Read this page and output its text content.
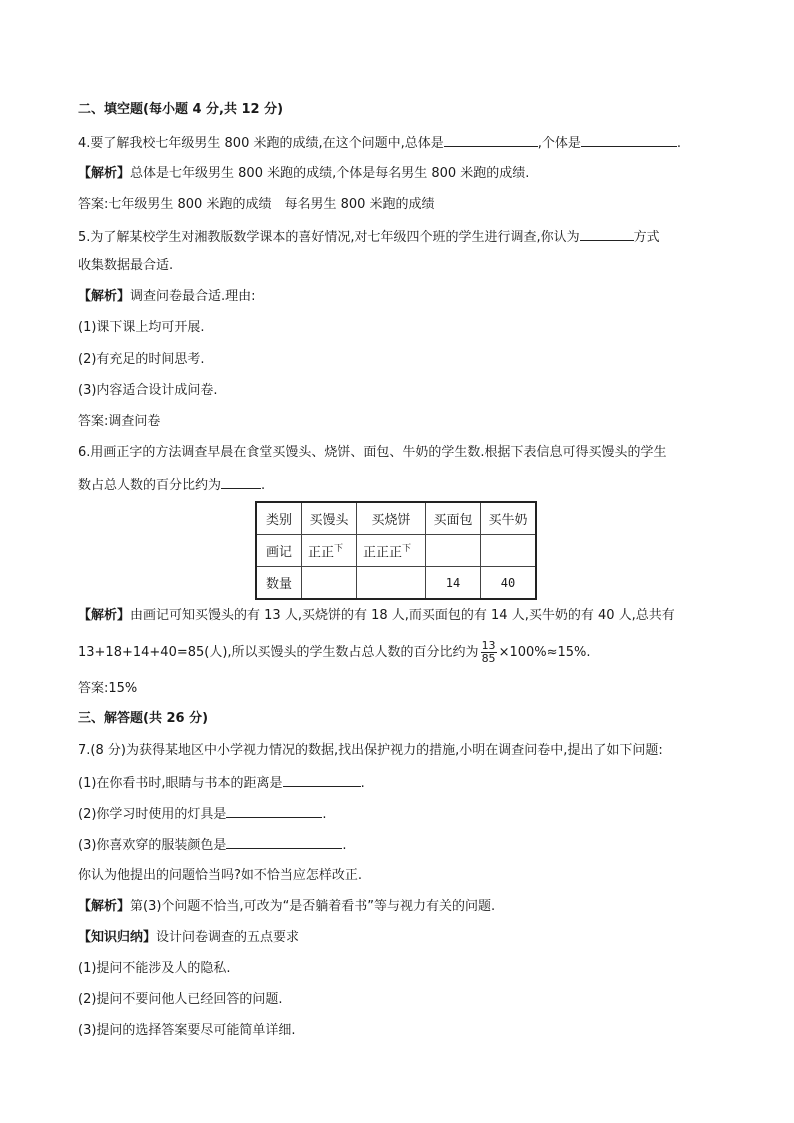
二、填空题(每小题 4 分,共 12 分)
4.要了解我校七年级男生 800 米跑的成绩,在这个问题中,总体是	,个体是	.
【解析】总体是七年级男生 800 米跑的成绩,个体是每名男生 800 米跑的成绩.
答案:七年级男生 800 米跑的成绩　每名男生 800 米跑的成绩
5.为了解某校学生对湘教版数学课本的喜好情况,对七年级四个班的学生进行调查,你认为	方式
收集数据最合适.
【解析】调查问卷最合适.理由:
(1)课下课上均可开展.
(2)有充足的时间思考.
(3)内容适合设计成问卷.
答案:调查问卷
6.用画正字的方法调查早晨在食堂买馒头、烧饼、面包、牛奶的学生数.根据下表信息可得买馒头的学生
数占总人数的百分比约为	.
类别	买馒头	买烧饼	买面包	买牛奶
画记	正正$^下$	正正正$^下$		
数量			14	40
【解析】由画记可知买馒头的有 13 人,买烧饼的有 18 人,而买面包的有 14 人,买牛奶的有 40 人,总共有
13+18+14+40=85(人),所以买馒头的学生数占总人数的百分比约为 $\frac{13}{85} \times 100\%\approx 15\%$.
答案:15%
三、解答题(共 26 分)
7.(8 分)为获得某地区中小学视力情况的数据,找出保护视力的措施,小明在调查问卷中,提出了如下问题:
(1)在你看书时,眼睛与书本的距离是	.
(2)你学习时使用的灯具是	.
(3)你喜欢穿的服装颜色是	.
你认为他提出的问题恰当吗?如不恰当应怎样改正.
【解析】第(3)个问题不恰当,可改为“是否躺着看书”等与视力有关的问题.
【知识归纳】设计问卷调查的五点要求
(1)提问不能涉及人的隐私.
(2)提问不要问他人已经回答的问题.
(3)提问的选择答案要尽可能简单详细.
